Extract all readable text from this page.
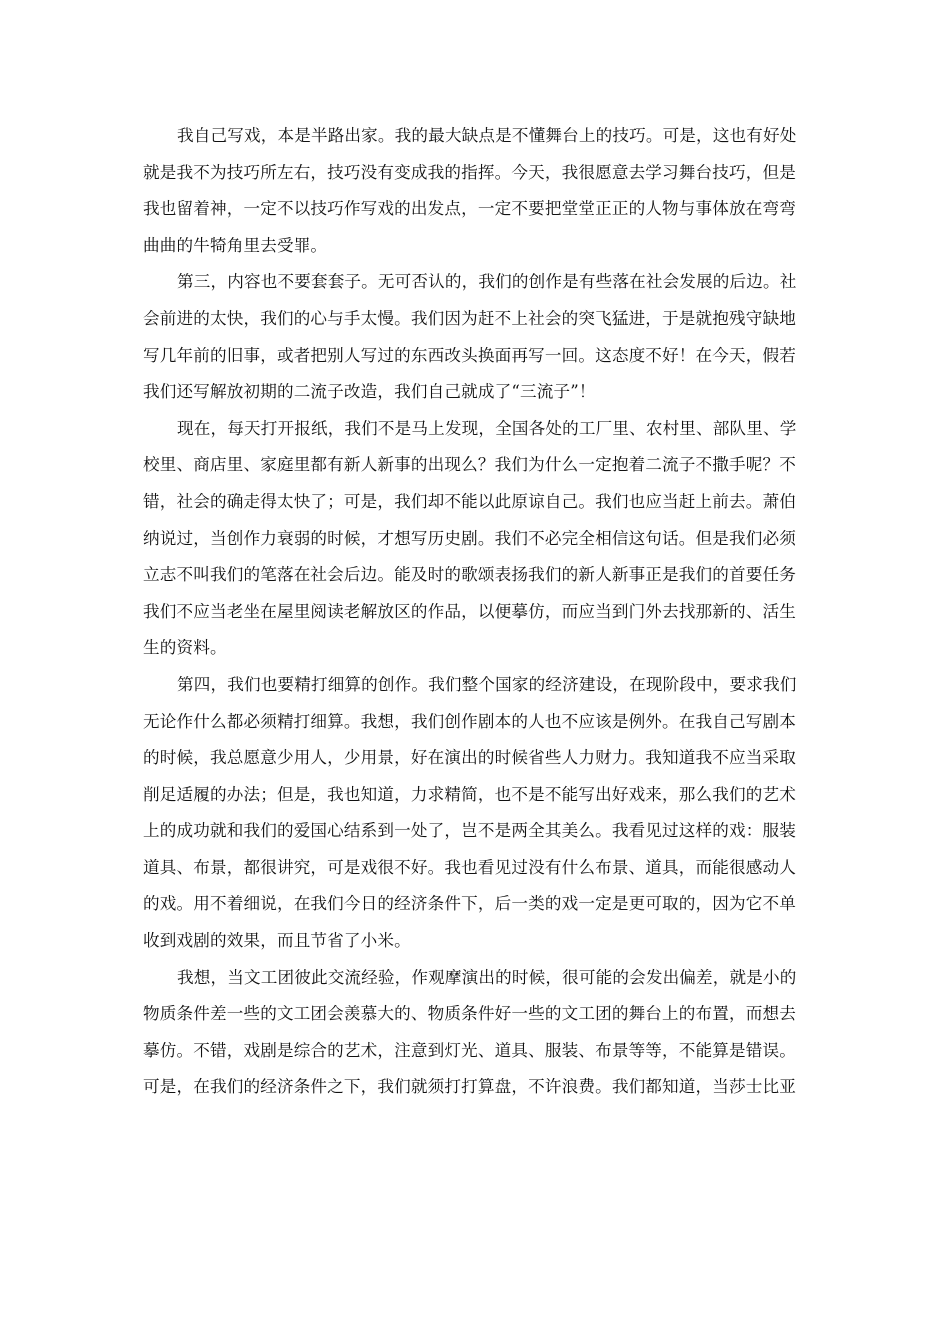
我自己写戏，本是半路出家。我的最大缺点是不懂舞台上的技巧。可是，这也有好处
就是我不为技巧所左右，技巧没有变成我的指挥。今天，我很愿意去学习舞台技巧，但是
我也留着神，一定不以技巧作写戏的出发点，一定不要把堂堂正正的人物与事体放在弯弯
曲曲的牛犄角里去受罪。
第三，内容也不要套套子。无可否认的，我们的创作是有些落在社会发展的后边。社
会前进的太快，我们的心与手太慢。我们因为赶不上社会的突飞猛进，于是就抱残守缺地
写几年前的旧事，或者把别人写过的东西改头换面再写一回。这态度不好！在今天，假若
我们还写解放初期的二流子改造，我们自己就成了“三流子”！
现在，每天打开报纸，我们不是马上发现，全国各处的工厂里、农村里、部队里、学
校里、商店里、家庭里都有新人新事的出现么？我们为什么一定抱着二流子不撒手呢？不
错，社会的确走得太快了；可是，我们却不能以此原谅自己。我们也应当赶上前去。萧伯
纳说过，当创作力衰弱的时候，才想写历史剧。我们不必完全相信这句话。但是我们必须
立志不叫我们的笔落在社会后边。能及时的歌颂表扬我们的新人新事正是我们的首要任务
我们不应当老坐在屋里阅读老解放区的作品，以便摹仿，而应当到门外去找那新的、活生
生的资料。
第四，我们也要精打细算的创作。我们整个国家的经济建设，在现阶段中，要求我们
无论作什么都必须精打细算。我想，我们创作剧本的人也不应该是例外。在我自己写剧本
的时候，我总愿意少用人，少用景，好在演出的时候省些人力财力。我知道我不应当采取
削足适履的办法；但是，我也知道，力求精简，也不是不能写出好戏来，那么我们的艺术
上的成功就和我们的爱国心结系到一处了，岂不是两全其美么。我看见过这样的戏：服装
道具、布景，都很讲究，可是戏很不好。我也看见过没有什么布景、道具，而能很感动人
的戏。用不着细说，在我们今日的经济条件下，后一类的戏一定是更可取的，因为它不单
收到戏剧的效果，而且节省了小米。
我想，当文工团彼此交流经验，作观摩演出的时候，很可能的会发出偏差，就是小的
物质条件差一些的文工团会羡慕大的、物质条件好一些的文工团的舞台上的布置，而想去
摹仿。不错，戏剧是综合的艺术，注意到灯光、道具、服装、布景等等，不能算是错误。
可是，在我们的经济条件之下，我们就须打打算盘，不许浪费。我们都知道，当莎士比亚
